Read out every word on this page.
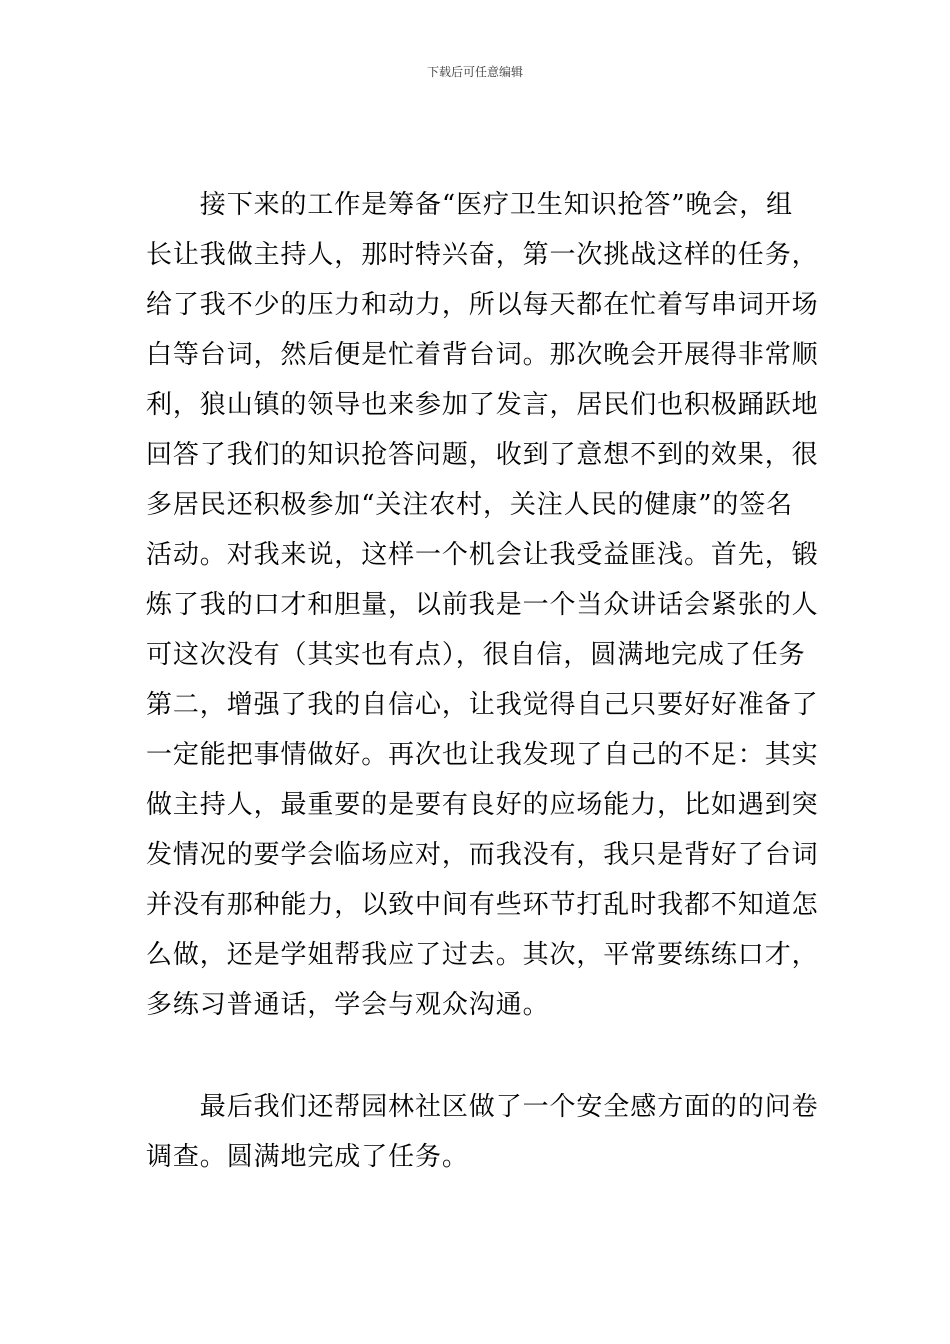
下载后可任意编辑
　　接下来的工作是筹备“医疗卫生知识抢答”晚会，组
长让我做主持人，那时特兴奋，第一次挑战这样的任务，
给了我不少的压力和动力，所以每天都在忙着写串词开场
白等台词，然后便是忙着背台词。那次晚会开展得非常顺
利，狼山镇的领导也来参加了发言，居民们也积极踊跃地
回答了我们的知识抢答问题，收到了意想不到的效果，很
多居民还积极参加“关注农村，关注人民的健康”的签名
活动。对我来说，这样一个机会让我受益匪浅。首先，锻
炼了我的口才和胆量，以前我是一个当众讲话会紧张的人
可这次没有（其实也有点），很自信，圆满地完成了任务
第二，增强了我的自信心，让我觉得自己只要好好准备了
一定能把事情做好。再次也让我发现了自己的不足：其实
做主持人，最重要的是要有良好的应场能力，比如遇到突
发情况的要学会临场应对，而我没有，我只是背好了台词
并没有那种能力，以致中间有些环节打乱时我都不知道怎
么做，还是学姐帮我应了过去。其次，平常要练练口才，
多练习普通话，学会与观众沟通。
　　最后我们还帮园林社区做了一个安全感方面的的问卷
调查。圆满地完成了任务。
